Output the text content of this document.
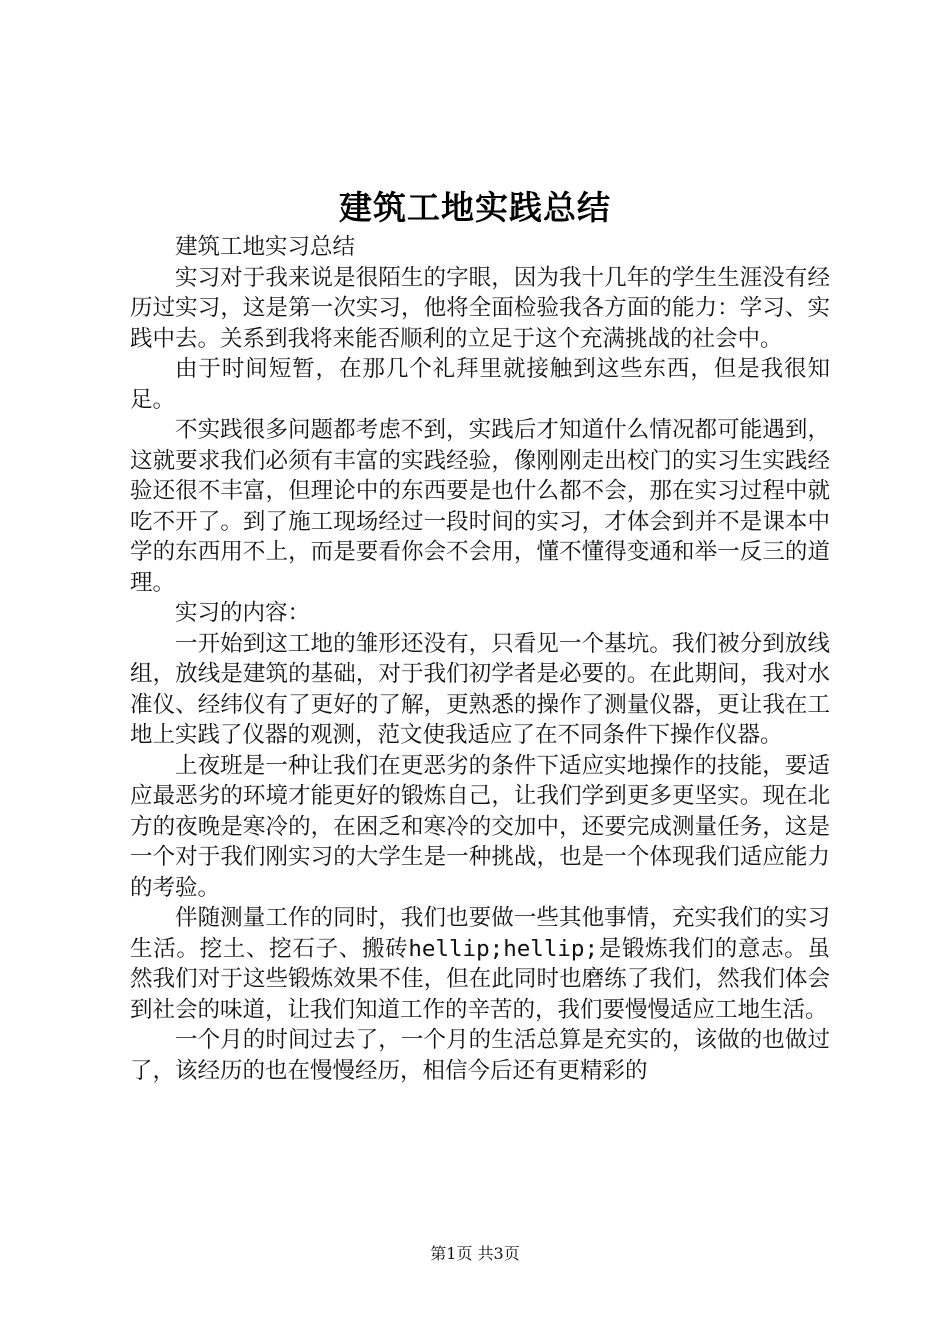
建筑工地实践总结

建筑工地实习总结

实习对于我来说是很陌生的字眼，因为我十几年的学生生涯没有经历过实习，这是第一次实习，他将全面检验我各方面的能力：学习、实践中去。关系到我将来能否顺利的立足于这个充满挑战的社会中。

由于时间短暂，在那几个礼拜里就接触到这些东西，但是我很知足。

不实践很多问题都考虑不到，实践后才知道什么情况都可能遇到，这就要求我们必须有丰富的实践经验，像刚刚走出校门的实习生实践经验还很不丰富，但理论中的东西要是也什么都不会，那在实习过程中就吃不开了。到了施工现场经过一段时间的实习，才体会到并不是课本中学的东西用不上，而是要看你会不会用，懂不懂得变通和举一反三的道理。

实习的内容：

一开始到这工地的雏形还没有，只看见一个基坑。我们被分到放线组，放线是建筑的基础，对于我们初学者是必要的。在此期间，我对水准仪、经纬仪有了更好的了解，更熟悉的操作了测量仪器，更让我在工地上实践了仪器的观测，范文使我适应了在不同条件下操作仪器。

上夜班是一种让我们在更恶劣的条件下适应实地操作的技能，要适应最恶劣的环境才能更好的锻炼自己，让我们学到更多更坚实。现在北方的夜晚是寒冷的，在困乏和寒冷的交加中，还要完成测量任务，这是一个对于我们刚实习的大学生是一种挑战，也是一个体现我们适应能力的考验。

伴随测量工作的同时，我们也要做一些其他事情，充实我们的实习生活。挖土、挖石子、搬砖hellip;hellip;是锻炼我们的意志。虽然我们对于这些锻炼效果不佳，但在此同时也磨练了我们，然我们体会到社会的味道，让我们知道工作的辛苦的，我们要慢慢适应工地生活。

一个月的时间过去了，一个月的生活总算是充实的，该做的也做过了，该经历的也在慢慢经历，相信今后还有更精彩的

第1页 共3页
